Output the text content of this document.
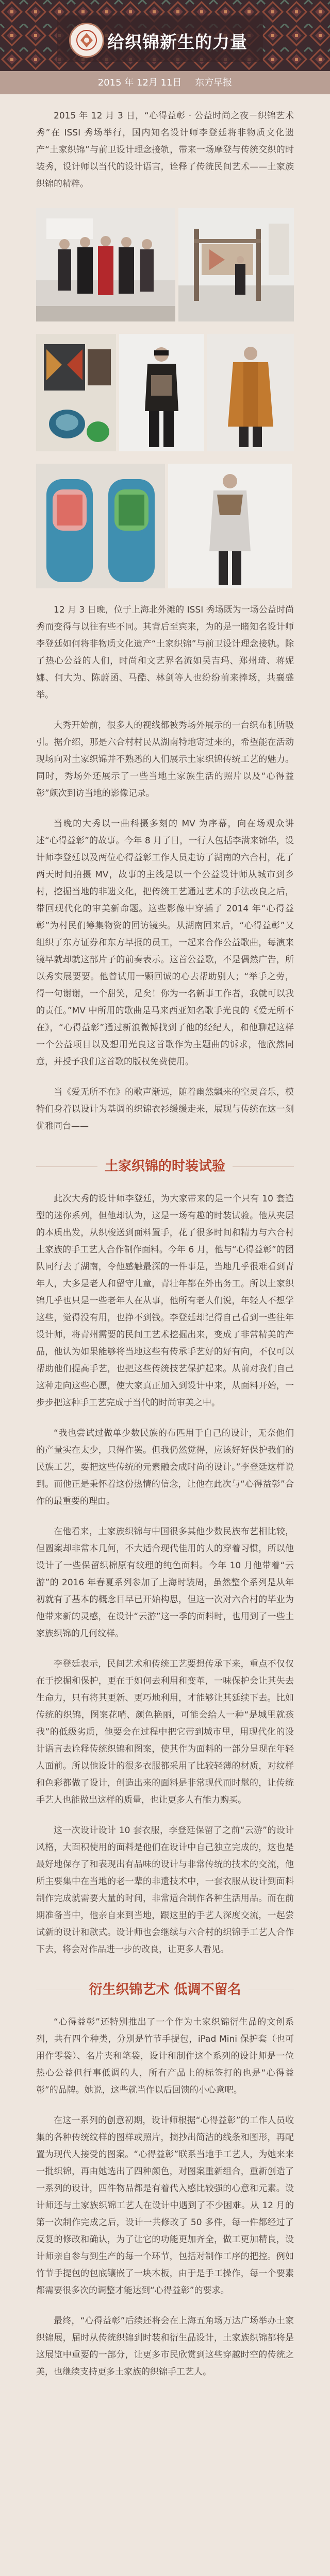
给织锦新生的力量
2015 年 12月 11日 东方早报

2015 年 12 月 3 日，“心得益彰 ‧ 公益时尚之夜－织锦艺术秀”在 ISSI 秀场举行，国内知名设计师李登廷将非物质文化遗产“土家织锦”与前卫设计理念接轨，带来一场摩登与传统交织的时装秀，设计师以当代的设计语言，诠释了传统民间艺术——土家族织锦的精粹。

12 月 3 日晚，位于上海北外滩的 ISSI 秀场既为一场公益时尚秀而变得与以往有些不同。其背后至宾来，为的是一睹知名设计师李登廷如何将非物质文化遗产“土家织锦”与前卫设计理念接轨。除了热心公益的人们，时尚和文艺界名流如吴吉玛、郑州琦、蒋妮娜、何大为、陈蔚函、马酷、林剑等人也纷纷前来捧场，共襄盛举。

大秀开始前，很多人的视线都被秀场外展示的一台织布机所吸引。据介绍，那是六合村村民从湖南特地寄过来的，希望能在活动现场向对土家织锦并不熟悉的人们展示土家织锦传统工艺的魅力。同时，秀场外还展示了一些当地土家族生活的照片以及“心得益彰”颇次到访当地的影像记录。

当晚的大秀以一曲科摄多刻的 MV 为序幕，向在场观众讲述“心得益彰”的故事。今年 8 月了日，一行人包括李满来锦华，设计师李登廷以及两位心得益彰工作人员走访了湖南的六合村，花了两天时间拍摄 MV，故事的主线是以一个公益设计师从城市到乡村，挖掘当地的非遗文化，把传统工艺通过艺术的手法改良之后，带回现代化的审美新命题。这些影像中穿插了 2014 年“心得益彰”为村民们筹集物资的回访镜头。从湖南回来后，“心得益彰”又组织了东方证券和东方早报的员工，一起来合作公益歌曲，每演来镜早就却就这部片子的前奏表示。这首公益歌，不是偶然广告，所以秀实展要要。他曾试用一颗回诚的心去帮助别人；“举手之劳，得一句谢谢，一个甜笑，足矣！你为一名新事工作者，我就可以我的责任。”MV 中所用的歌曲是马来西亚知名歌手光良的《爱无所不在》，“心得益彰”通过新浪微博找到了他的经纪人，和他聊起这样一个公益项目以及想用光良这首歌作为主题曲的诉求，他欣然同意，并授予我们这首歌的版权免费使用。

当《爱无所不在》的歌声渐远，随着幽然飘来的空灵音乐，模特们身着以设计为基调的织锦衣衫缓缓走来，展现与传统在这一刻优雅同台——

土家织锦的时装试验

此次大秀的设计师李登廷，为大家带来的是一个只有 10 套造型的迷你系列，但他却认为，这是一场有趣的时装试验。他从夹层的本质出发，从织梭送到面料置手，花了很多时间和精力与六合村土家族的手工艺人合作制作面料。今年 6 月，他与“心得益彰”的团队同行去了湖南，令他感触最深的一件事是，当地几乎很难看到青年人，大多是老人和留守儿童，青壮年都在外出务工。所以土家织锦几乎也只是一些老年人在从事，他所有老人们说，年轻人不想学这些，觉得没有用，也挣不到钱。李登廷却记得自己看到一些往年设计师，将青州需要的民间工艺术挖掘出来，变成了非常精美的产品，他认为如果能够将当地这些有传承手艺好的好有向，不仅可以帮助他们提高手艺，也把这些传统技艺保护起来。从前对我们自己这种走向这些心愿，使大家真正加入到设计中来，从面料开始，一步步把这种手工艺完成于当代的时尚审美之中。

“我也尝试过做单少数民族的布匹用于自己的设计，无奈他们的产量实在太少，只得作罢。但我仍然觉得，应该好好保护我们的民族工艺，要把这些传统的元素融会成时尚的设计。”李登廷这样说到。而他正是秉怀着这份热情的信念，让他在此次与“心得益彰”合作的最重要的理由。

在他看来，土家族织锦与中国很多其他少数民族布艺相比较，但圆案却非常本几何，不大适合现代佳用的人的穿着习惯，所以他设计了一些保留织棉原有纹理的纯色面料。今年 10 月他带着“云游”的 2016 年春夏系列参加了上海时装周，虽然整个系列是从年初就有了基本的概念目早已开始构思，但这一次对六合村的毕业为他带来新的灵感，在设计“云游”这一季的面料时，也用到了一些土家族织锦的几何纹样。

李登廷表示，民间艺术和传统工艺要想传承下来，重点不仅仅在于挖掘和保护，更在于如何去利用和变革，一味保护会让其失去生命力，只有将其更新、更巧地利用，才能够让其延续下去。比如传统的织锦，图案花哨、颜色艳丽，可能会给人一种“是城里就孩我”的低级劣质，他要会在过程中把它带到城市里，用现代化的设计语言去诠释传统织锦和图案，使其作为面料的一部分呈现在年轻人面前。所以他设计的很多衣服都采用了比较轻薄的材质，对纹样和色彩都做了设计，创造出来的面料是非常现代而时髦的，让传统手艺人也能做出这样的质量，也让更多人有能力购买。

这一次设计设计 10 套衣服，李登廷保留了之前“云游”的设计风格，大面积使用的面料是他们在设计中自己独立完成的，这也是最好地保存了和表现出有品味的设计与非常传统的技术的交流，他所主要集中在当地的老一辈的非遗技术中，一套衣服从设计到面料制作完成就需要大量的时间，非常适合制作各种生活用品。而在前期准备当中，他亲自来到当地，跟这里的手艺人深度交流，一起尝试新的设计和款式。设计师也会继续与六合村的织锦手工艺人合作下去，将会对作品进一步的改良，让更多人看见。

衍生织锦艺术 低调不留名

“心得益彰”还特别推出了一个作为土家织锦衍生品的文创系列，共有四个种类，分别是竹节手提包，iPad Mini 保护套（也可用作零袋）、名片夹和笔袋，设计和制作这个系列的设计师是一位热心公益但行事低调的人，所有产品上的标签打的也是“心得益彰”的品牌。她说，这些就当作以后回馈的小心意吧。

在这一系列的创意初期，设计师根据“心得益彰”的工作人员收集的各种传统纹样的图样或照片，摘抄出简洁的线条和图形，再配置为现代人接受的图案。“心得益彰”联系当地手工艺人，为她来来一批织锦，再由她选出了四种颜色，对图案重新组合，重新创造了一系列的设计，四件物品都是有着代入感比较强的心意和元素。设计师还与土家族织锦工艺人在设计中遇到了不少困难。从 12 月的第一次制作完成之后，设计一共修改了 50 多件，每一件都经过了反复的修改和确认，为了让它的功能更加齐全，做工更加精良，设计师亲自参与到生产的每一个环节，包括对制作工序的把控。例如竹节手提包的包底镶嵌了一块木板，由于是手工操作，每一个要素都需要很多次的调整才能达到“心得益彰”的要求。

最终，“心得益彰”后续还将会在上海五角场万达广场举办土家织锦展，届时从传统织锦到时装和衍生品设计，土家族织锦都将是这展览中重要的一部分，让更多市民欣赏到这些穿越时空的传统之美，也继续支持更多土家族的织锦手工艺人。
